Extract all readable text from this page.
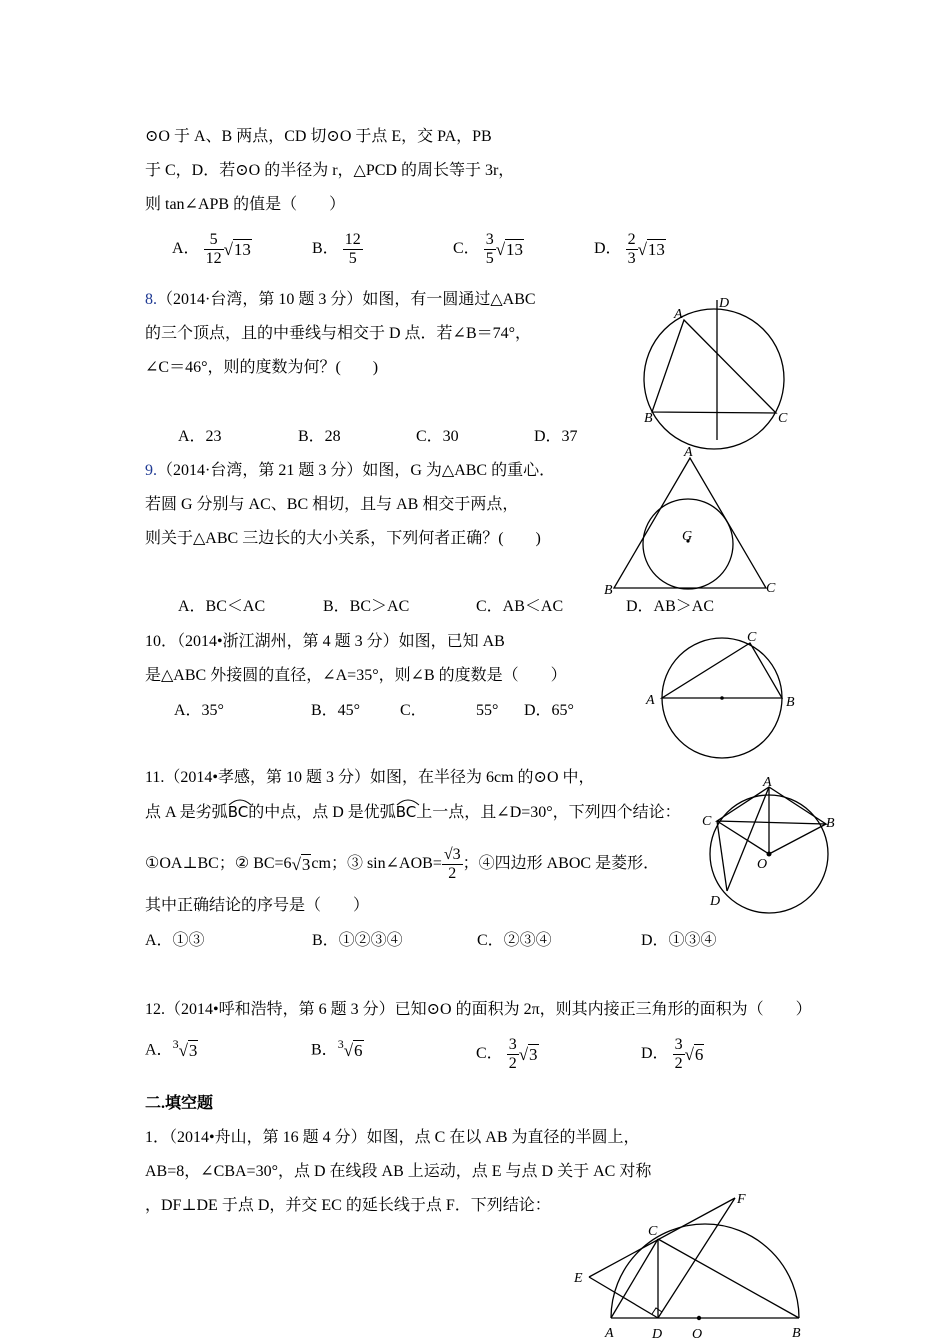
⊙O 于 A、B 两点，CD 切⊙O 于点 E，交 PA，PB
于 C，D．若⊙O 的半径为 r，△PCD 的周长等于 3r，
则 tan∠APB 的值是（　　）
A． $\frac{5}{12} √13$	B． $\frac{12}{5}$	C． $\frac{3}{5} √13$	D． $\frac{2}{3} √13$
8.（2014·台湾，第 10 题 3 分）如图，有一圆通过△ABC
的三个顶点，且的中垂线与相交于 D 点．若∠B＝74°，
∠C＝46°，则的度数为何？(　　)
A．23	B．28	C．30	D．37
A
D
B	C
9.（2014·台湾，第 21 题 3 分）如图，G 为△ABC 的重心．
若圆 G 分别与 AC、BC 相切，且与 AB 相交于两点，
则关于△ABC 三边长的大小关系，下列何者正确？(　　)
A．BC＜AC	B．BC＞AC	C．AB＜AC	D．AB＞AC
A
B	C
G
10．（2014•浙江湖州，第 4 题 3 分）如图，已知 AB
是△ABC 外接圆的直径，∠A=35°，则∠B 的度数是（　　）
A．35°	B．45° C．	55° D．65°
A	B
C
11.（2014•孝感，第 10 题 3 分）如图，在半径为 6cm 的⊙O 中，
点 A 是劣弧
BC的中点，点 D 是优弧
BC上一点，且∠D=30°，下列四个结论：
①OA⊥BC；② BC=6√3cm；③ sin∠AOB= $\frac{√3}{2}$ ；④四边形 ABOC 是菱形．
其中正确结论的序号是（　　）
A．①③	B．①②③④	C．②③④	D．①③④
A
C	B
O
D
12.（2014•呼和浩特，第 6 题 3 分）已知⊙O 的面积为 2π，则其内接正三角形的面积为（　　）
A．$^3$√3	B．$^3$√6	C． $\frac{3}{2} √3$	D． $\frac{3}{2} √6$
二.填空题
1．（2014•舟山，第 16 题 4 分）如图，点 C 在以 AB 为直径的半圆上，
AB=8，∠CBA=30°，点 D 在线段 AB 上运动，点 E 与点 D 关于 AC 对称
，DF⊥DE 于点 D，并交 EC 的延长线于点 F．下列结论：
C
F
E
A	D O	B
